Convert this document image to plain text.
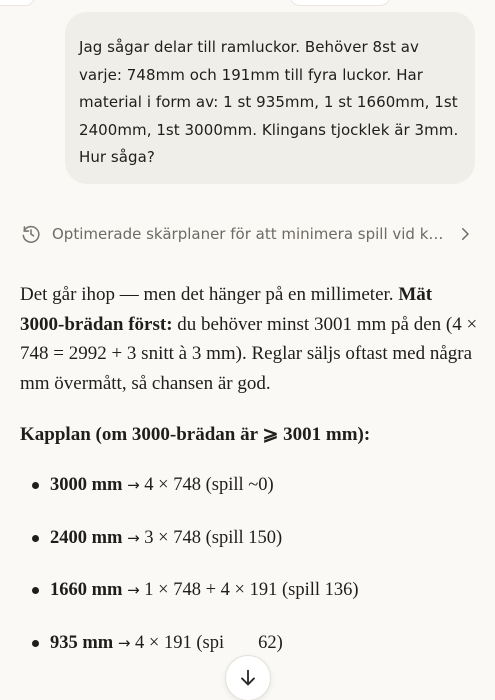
Jag sågar delar till ramluckor. Behöver 8st av varje: 748mm och 191mm till fyra luckor. Har material i form av: 1 st 935mm, 1 st 1660mm, 1st 2400mm, 1st 3000mm. Klingans tjocklek är 3mm. Hur såga?

Optimerade skärplaner för att minimera spill vid k…

Det går ihop — men det hänger på en millimeter. Mät 3000-brädan först: du behöver minst 3001 mm på den (4 × 748 = 2992 + 3 snitt à 3 mm). Reglar säljs oftast med några mm övermått, så chansen är god.

Kapplan (om 3000-brädan är ⩾ 3001 mm):

3000 mm → 4 × 748 (spill ~0)
2400 mm → 3 × 748 (spill 150)
1660 mm → 1 × 748 + 4 × 191 (spill 136)
935 mm → 4 × 191 (spi 62)
